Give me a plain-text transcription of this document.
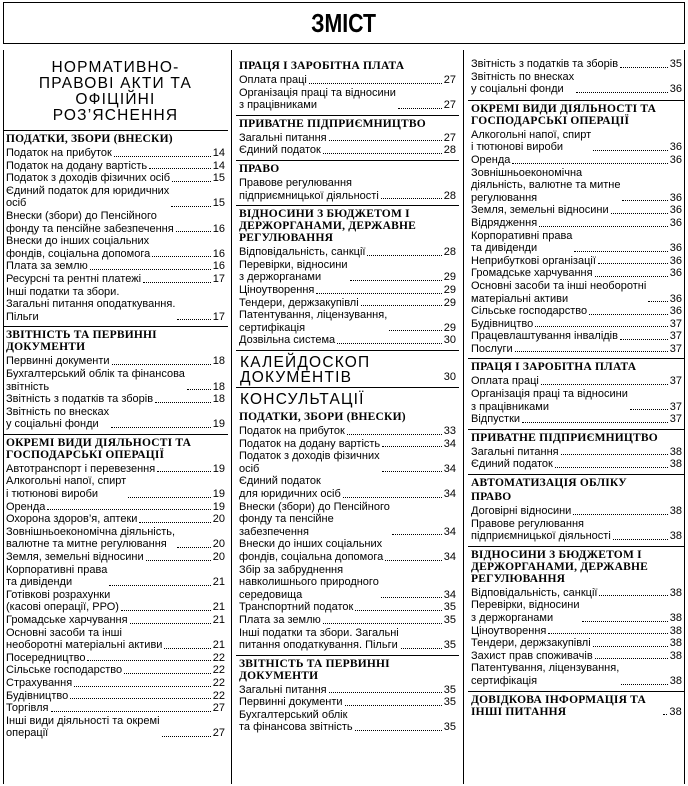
ЗМІСТ
НОРМАТИВНО-ПРАВОВІ АКТИ ТА ОФІЦІЙНІ РОЗ’ЯСНЕННЯ
ПОДАТКИ, ЗБОРИ (ВНЕСКИ)
Податок на прибуток	14
Податок на додану вартість	14
Податок з доходів фізичних осіб	15
Єдиний податок для юридичних
осіб	15
Внески (збори) до Пенсійного
фонду та пенсійне забезпечення	16
Внески до інших соціальних
фондів, соціальна допомога	16
Плата за землю	16
Ресурсні та рентні платежі	17
Інші податки та збори.
Загальні питання оподаткування.
Пільги	17
ЗВІТНІСТЬ ТА ПЕРВИННІ ДОКУМЕНТИ
Первинні документи	18
Бухгалтерський облік та фінансова
звітність	18
Звітність з податків та зборів	18
Звітність по внесках
у соціальні фонди	19
ОКРЕМІ ВИДИ ДІЯЛЬНОСТІ ТА ГОСПОДАРСЬКІ ОПЕРАЦІЇ
Автотранспорт і перевезення	19
Алкогольні напої, спирт
і тютюнові вироби	19
Оренда	19
Охорона здоров’я, аптеки	20
Зовнішньоекономічна діяльність,
валютне та митне регулювання	20
Земля, земельні відносини	20
Корпоративні права
та дивіденди	21
Готівкові розрахунки
(касові операції, РРО)	21
Громадське харчування	21
Основні засоби та інші
необоротні матеріальні активи	21
Посередництво	22
Сільське господарство	22
Страхування	22
Будівництво	22
Торгівля	27
Інші види діяльності та окремі
операції	27
ПРАЦЯ І ЗАРОБІТНА ПЛАТА
Оплата праці	27
Організація праці та відносини
з працівниками	27
ПРИВАТНЕ ПІДПРИЄМНИЦТВО
Загальні питання	27
Єдиний податок	28
ПРАВО
Правове регулювання
підприємницької діяльності	28
ВІДНОСИНИ З БЮДЖЕТОМ І ДЕРЖОРГАНАМИ, ДЕРЖАВНЕ РЕГУЛЮВАННЯ
Відповідальність, санкції	28
Перевірки, відносини
з держорганами	29
Ціноутворення	29
Тендери, держзакупівлі	29
Патентування, ліцензування,
сертифікація	29
Дозвільна система	30
КАЛЕЙДОСКОП ДОКУМЕНТІВ	30
КОНСУЛЬТАЦІЇ
ПОДАТКИ, ЗБОРИ (ВНЕСКИ)
Податок на прибуток	33
Податок на додану вартість	34
Податок з доходів фізичних
осіб	34
Єдиний податок
для юридичних осіб	34
Внески (збори) до Пенсійного
фонду та пенсійне
забезпечення	34
Внески до інших соціальних
фондів, соціальна допомога	34
Збір за забруднення
навколишнього природного
середовища	34
Транспортний податок	35
Плата за землю	35
Інші податки та збори. Загальні
питання оподаткування. Пільги	35
ЗВІТНІСТЬ ТА ПЕРВИННІ ДОКУМЕНТИ
Загальні питання	35
Первинні документи	35
Бухгалтерський облік
та фінансова звітність	35
Звітність з податків та зборів	35
Звітність по внесках
у соціальні фонди	36
ОКРЕМІ ВИДИ ДІЯЛЬНОСТІ ТА ГОСПОДАРСЬКІ ОПЕРАЦІЇ
Алкогольні напої, спирт
і тютюнові вироби	36
Оренда	36
Зовнішньоекономічна
діяльність, валютне та митне
регулювання	36
Земля, земельні відносини	36
Відрядження	36
Корпоративні права
та дивіденди	36
Неприбуткові організації	36
Громадське харчування	36
Основні засоби та інші необоротні
матеріальні активи	36
Сільське господарство	36
Будівництво	37
Працевлаштування інвалідів	37
Послуги	37
ПРАЦЯ І ЗАРОБІТНА ПЛАТА
Оплата праці	37
Організація праці та відносини
з працівниками	37
Відпустки	37
ПРИВАТНЕ ПІДПРИЄМНИЦТВО
Загальні питання	38
Єдиний податок	38
АВТОМАТИЗАЦІЯ ОБЛІКУ
ПРАВО
Договірні відносини	38
Правове регулювання
підприємницької діяльності	38
ВІДНОСИНИ З БЮДЖЕТОМ І ДЕРЖОРГАНАМИ, ДЕРЖАВНЕ РЕГУЛЮВАННЯ
Відповідальність, санкції	38
Перевірки, відносини
з держорганами	38
Ціноутворення	38
Тендери, держзакупівлі	38
Захист прав споживачів	38
Патентування, ліцензування,
сертифікація	38
ДОВІДКОВА ІНФОРМАЦІЯ ТА ІНШІ ПИТАННЯ	38
